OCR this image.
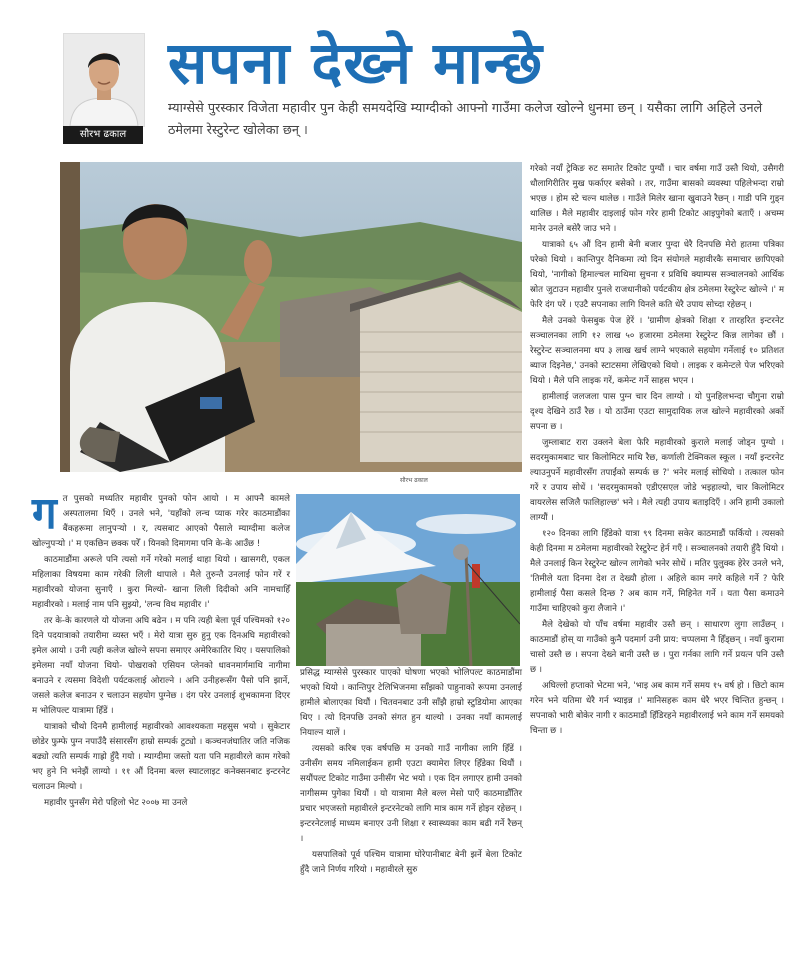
सौरभ ढकाल
सपना देख्ने मान्छे
म्याग्सेसे पुरस्कार विजेता महावीर पुन केही समयदेखि म्याग्दीको आफ्नो गाउँमा कलेज खोल्ने धुनमा छन् । यसैका लागि अहिले उनले ठमेलमा रेस्टुरेन्ट खोलेका छन् ।
सौरभ ढकाल

गरेको नयाँ ट्रेकिङ रुट समातेर टिकोट पुग्यौं । चार वर्षमा गाउँ उस्तै थियो, उसैगरी धौलागिरीतिर मुख फर्काएर बसेको । तर, गाउँमा बासको व्यवस्था पहिलेभन्दा राम्रो भएछ । होम स्टे चल्न थालेछ । गाउँले मिलेर खाना खुवाउने रैछन् । गाडी पनि गुड्न थालिछ । मैले महावीर दाइलाई फोन गरेर हामी टिकोट आइपुगेको बताएँ । अचम्म मानेर उनले बसेरै जाउ भने ।

यात्राको ६५ औं दिन हामी बेनी बजार पुग्दा धेरै दिनपछि मेरो हातमा पत्रिका परेको थियो । कान्तिपुर दैनिकमा त्यो दिन संयोगले महावीरकै समाचार छापिएको थियो, 'नागीको हिमाल्चल माथिमा सुचना र प्रविधि क्याम्पस सञ्चालनको आर्थिक स्रोत जुटाउन महावीर पुनले राजधानीको पर्यटकीय क्षेत्र ठमेलमा रेस्टुरेन्ट खोल्ने ।' म फेरि दंग परें । एउटै सपनाका लागि यिनले कति धेरै उपाय सोच्दा रहेछन् ।

मैले उनको फेसबुक पेज हेरें । 'ग्रामीण क्षेत्रको शिक्षा र तारहरित इन्टरनेट सञ्चालनका लागि १२ लाख ५० हजारमा ठमेलमा रेस्टुरेन्ट किन्न लागेका छौं । रेस्टुरेन्ट सञ्चालनमा थप ३ लाख खर्च लाग्ने भएकाले सहयोग गर्नेलाई १० प्रतिशत ब्याज दिइनेछ,' उनको स्टाटसमा लेखिएको थियो । लाइक र कमेन्टले पेज भरिएको थियो । मैले पनि लाइक गरें, कमेन्ट गर्ने साहस भएन ।

हामीलाई जलजला पास पुग्न चार दिन लाग्यो । यो पुनहिलभन्दा चौगुना राम्रो दृश्य देखिने ठाउँ रैछ । यो ठाउँमा एउटा सामुदायिक लज खोल्ने महावीरको अर्को सपना छ ।

जुम्लाबाट रारा उक्लने बेला फेरि महावीरको कुराले मलाई जोड्न पुग्यो । सदरमुकामबाट चार किलोमिटर माथि रैछ, कर्णाली टेक्निकल स्कूल । नयाँ इन्टरनेट ल्याउनुपर्ने महावीरसँग तपाईंको सम्पर्क छ ?' भनेर मलाई सोधियो । तत्काल फोन गरें र उपाय सोधें । 'सदरमुकामको एडीएसएल जोडे भइहाल्यो, चार किलोमिटर वायरलेस सजिलै फालिहाल्छ' भने । मैले त्यही उपाय बताइदिएँ । अनि हामी उकालो लाग्यौं ।

१२० दिनका लागि हिँडेको यात्रा ९९ दिनमा सकेर काठमाडौं फर्कियो । त्यसको केही दिनमा म ठमेलमा महावीरको रेस्टुरेन्ट हेर्न गएँ । सञ्चालनको तयारी हुँदै थियो । मैले उनलाई किन रेस्टुरेन्ट खोल्न लागेको भनेर सोधें । मतिर पुलुक्क हेरेर उनले भने, 'तिमीले यता दिनमा देश त देख्यौ होला । अहिले काम नगरे कहिले गर्ने ? फेरि हामीलाई पैसा कसले दिन्छ ? अब काम गर्ने, मिहिनेत गर्ने । यता पैसा कमाउने गाउँमा चाहिएको कुरा लैजाने ।'

मैले देखेको यो पाँच वर्षमा महावीर उस्तै छन् । साधारण लुगा लाउँछन् । काठमाडौं होस् या गाउँको कुनै पदमार्ग उनी प्राय: चप्पलमा नै हिँड्छन् । नयाँ कुरामा चासो उस्तै छ । सपना देख्ने बानी उस्तै छ । पुरा गर्नका लागि गर्ने प्रयत्न पनि उस्तै छ ।

अघिल्लो हप्ताको भेटमा भने, 'भाइ अब काम गर्ने समय १५ वर्ष हो । छिटो काम गरेन भने यतिमा धेरै गर्न भ्याइन्न ।' मानिसहरू काम धेरै भएर चिन्तित हुन्छन् । सपनाको भारी बोकेर नागी र काठमाडौं हिँडिरहने महावीरलाई भने काम गर्ने समयको चिन्ता छ ।

ग त पुसको मध्यतिर महावीर पुनको फोन आयो । म आफ्नै कामले अस्पतालमा थिएँ । उनले भने, 'यहाँको लन्च प्याक गरेर काठमाडौंका बैंकहरूमा लानुपर्‍यो । र, त्यसबाट आएको पैसाले म्याग्दीमा कलेज खोल्नुपर्‍यो ।' म एकछिन छक्क परेँ । यिनको दिमागमा पनि के-के आउँछ !

काठमाडौंमा अरूले पनि त्यसो गर्ने गरेको मलाई थाहा थियो । खासगरी, एकल महिलाका विषयमा काम गरेकी लिली थापाले । मैले तुरुन्तै उनलाई फोन गरें र महावीरको योजना सुनाएँ । कुरा मिल्यो- खाना लिली दिदीको अनि नामचाहिँ महावीरको । मलाई नाम पनि सुझ्यो, 'लन्च विथ महावीर ।'

तर के-के कारणले यो योजना अघि बढेन । म पनि त्यही बेला पूर्व पश्चिमको १२० दिने पदयात्राको तयारीमा व्यस्त भएँ । मेरो यात्रा सुरु हुनु एक दिनअघि महावीरको इमेल आयो । उनी त्यही कलेज खोल्ने सपना समाएर अमेरिकातिर थिए । यसपालिको इमेलमा नयाँ योजना थियो- पोखराको एसियन प्लेनको धावनमार्गमाथि नागीमा बनाउने र त्यसमा विदेशी पर्यटकलाई ओराल्ने । अनि उनीहरूसँग पैसो पनि झार्ने, जसले कलेज बनाउन र चलाउन सहयोग पुग्नेछ । दंग परेर उनलाई शुभकामना दिएर म भोलिपल्ट यात्रामा हिँडें ।

यात्राको चौथो दिनमै हामीलाई महावीरको आवश्यकता महसुस भयो । सुकेटार छोडेर फुम्फे पुग्न नपाउँदै संसारसँग हाम्रो सम्पर्क टुट्यो । कञ्चनजंघातिर जति नजिक बढ्यो त्यति सम्पर्क गाह्रो हुँदै गयो । म्याग्दीमा जस्तो यता पनि महावीरले काम गरेको भए हुने नि भनेझैं लाग्यो । ११ औं दिनमा बल्ल स्याटलाइट कनेक्सनबाट इन्टरनेट चलाउन मिल्यो ।

महावीर पुनसँग मेरो पहिलो भेट २००७ मा उनले

प्रसिद्ध म्याग्सेसे पुरस्कार पाएको घोषणा भएको भोलिपल्ट काठमाडौंमा भएको थियो । कान्तिपुर टेलिभिजनमा साँझको पाहुनाको रूपमा उनलाई हामीले बोलाएका थियौं । चितवनबाट उनी साँझै हाम्रो स्टुडियोमा आएका थिए । त्यो दिनपछि उनको संगत हुन थाल्यो । उनका नयाँ कामलाई नियाल्न थालें ।

त्यसको करिब एक वर्षपछि म उनको गाउँ नागीका लागि हिँडें । उनीसँग समय नमिलाईकन हामी एउटा क्यामेरा लिएर हिँडेका थियौं । सयौंपल्ट टिकोट गाउँमा उनीसँग भेट भयो । एक दिन लगाएर हामी उनको नागीसम्म पुगेका थियौं । यो यात्रामा मैले बल्ल मेसो पाएँ काठमाडौँतिर प्रचार भएजस्तो महावीरले इन्टरनेटको लागि मात्र काम गर्ने होइन रहेछन् । इन्टरनेटलाई माध्यम बनाएर उनी शिक्षा र स्वास्थ्यका काम बढी गर्ने रैछन् ।

यसपालिको पूर्व पश्चिम यात्रामा घोरेपानीबाट बेनी झर्ने बेला टिकोट हुँदै जाने निर्णय गरियो । महावीरले सुरु
